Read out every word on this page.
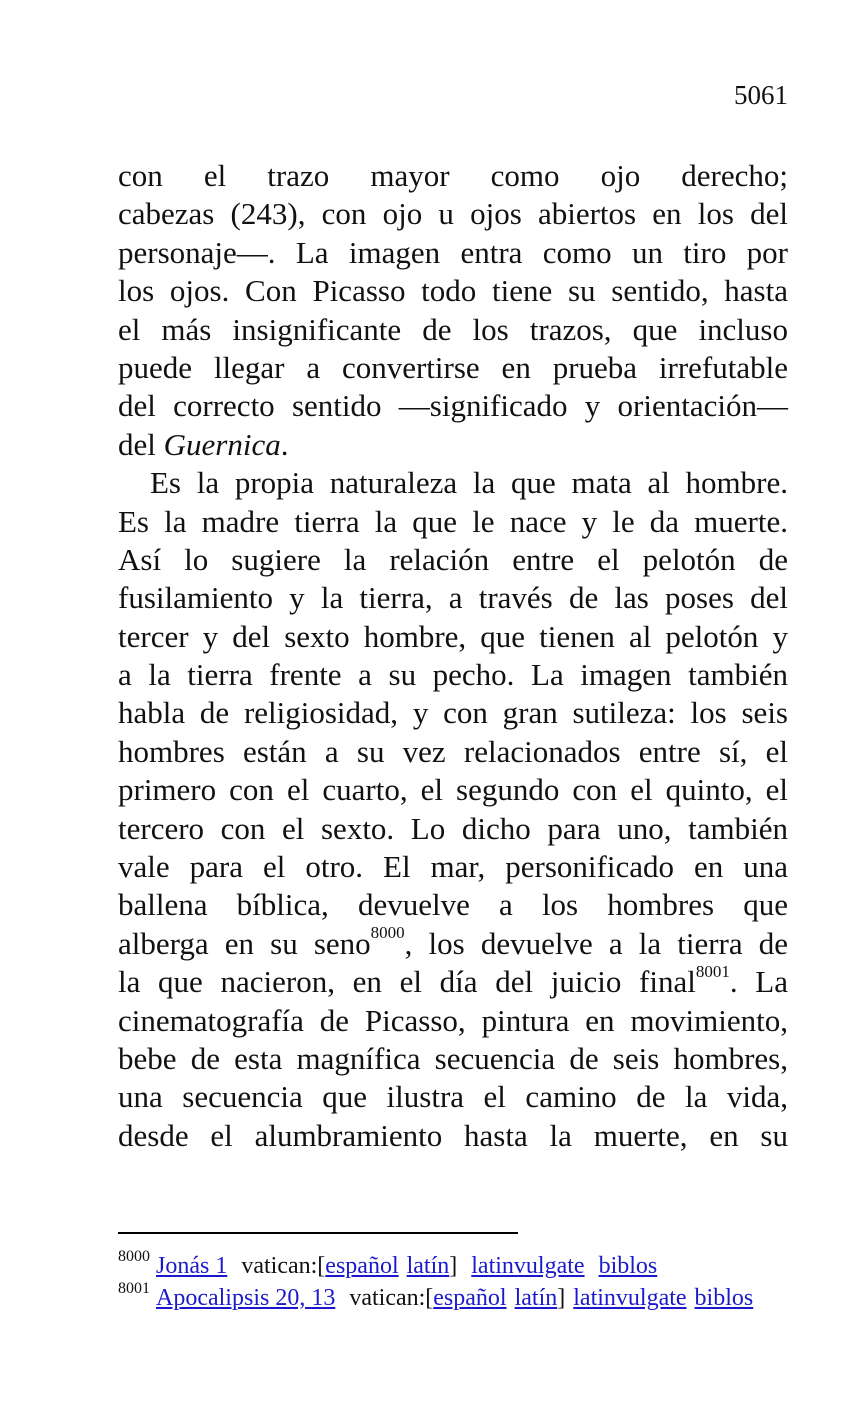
5061
con el trazo mayor como ojo derecho;
cabezas (243), con ojo u ojos abiertos en los del
personaje—. La imagen entra como un tiro por
los ojos. Con Picasso todo tiene su sentido, hasta
el más insignificante de los trazos, que incluso
puede llegar a convertirse en prueba irrefutable
del correcto sentido —significado y orientación—
del Guernica.
Es la propia naturaleza la que mata al hombre.
Es la madre tierra la que le nace y le da muerte.
Así lo sugiere la relación entre el pelotón de
fusilamiento y la tierra, a través de las poses del
tercer y del sexto hombre, que tienen al pelotón y
a la tierra frente a su pecho. La imagen también
habla de religiosidad, y con gran sutileza: los seis
hombres están a su vez relacionados entre sí, el
primero con el cuarto, el segundo con el quinto, el
tercero con el sexto. Lo dicho para uno, también
vale para el otro. El mar, personificado en una
ballena bíblica, devuelve a los hombres que
alberga en su seno$^{8000}$, los devuelve a la tierra de
la que nacieron, en el día del juicio final$^{8001}$. La
cinematografía de Picasso, pintura en movimiento,
bebe de esta magnífica secuencia de seis hombres,
una secuencia que ilustra el camino de la vida,
desde el alumbramiento hasta la muerte, en su
$^{8000}$ Jonás 1 vatican:[español latín] latinvulgate biblos
$^{8001}$ Apocalipsis 20, 13 vatican:[español latín] latinvulgate biblos
